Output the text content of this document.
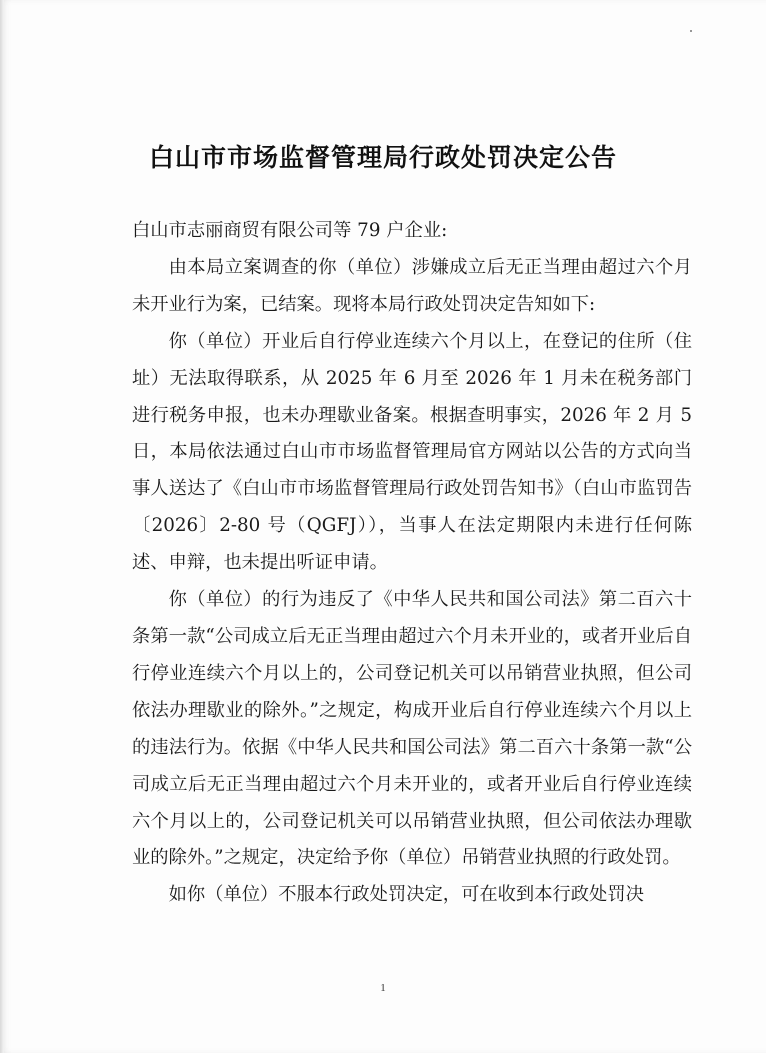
白山市市场监督管理局行政处罚决定公告

白山市志丽商贸有限公司等 79 户企业:

由本局立案调查的你（单位）涉嫌成立后无正当理由超过六个月未开业行为案，已结案。现将本局行政处罚决定告知如下:

你（单位）开业后自行停业连续六个月以上，在登记的住所（住址）无法取得联系，从 2025 年 6 月至 2026 年 1 月未在税务部门进行税务申报，也未办理歇业备案。根据查明事实，2026 年 2 月 5 日，本局依法通过白山市市场监督管理局官方网站以公告的方式向当事人送达了《白山市市场监督管理局行政处罚告知书》（白山市监罚告〔2026〕2-80 号（QGFJ）），当事人在法定期限内未进行任何陈述、申辩，也未提出听证申请。

你（单位）的行为违反了《中华人民共和国公司法》第二百六十条第一款“公司成立后无正当理由超过六个月未开业的，或者开业后自行停业连续六个月以上的，公司登记机关可以吊销营业执照，但公司依法办理歇业的除外。”之规定，构成开业后自行停业连续六个月以上的违法行为。依据《中华人民共和国公司法》第二百六十条第一款“公司成立后无正当理由超过六个月未开业的，或者开业后自行停业连续六个月以上的，公司登记机关可以吊销营业执照，但公司依法办理歇业的除外。”之规定，决定给予你（单位）吊销营业执照的行政处罚。

如你（单位）不服本行政处罚决定，可在收到本行政处罚决

1
